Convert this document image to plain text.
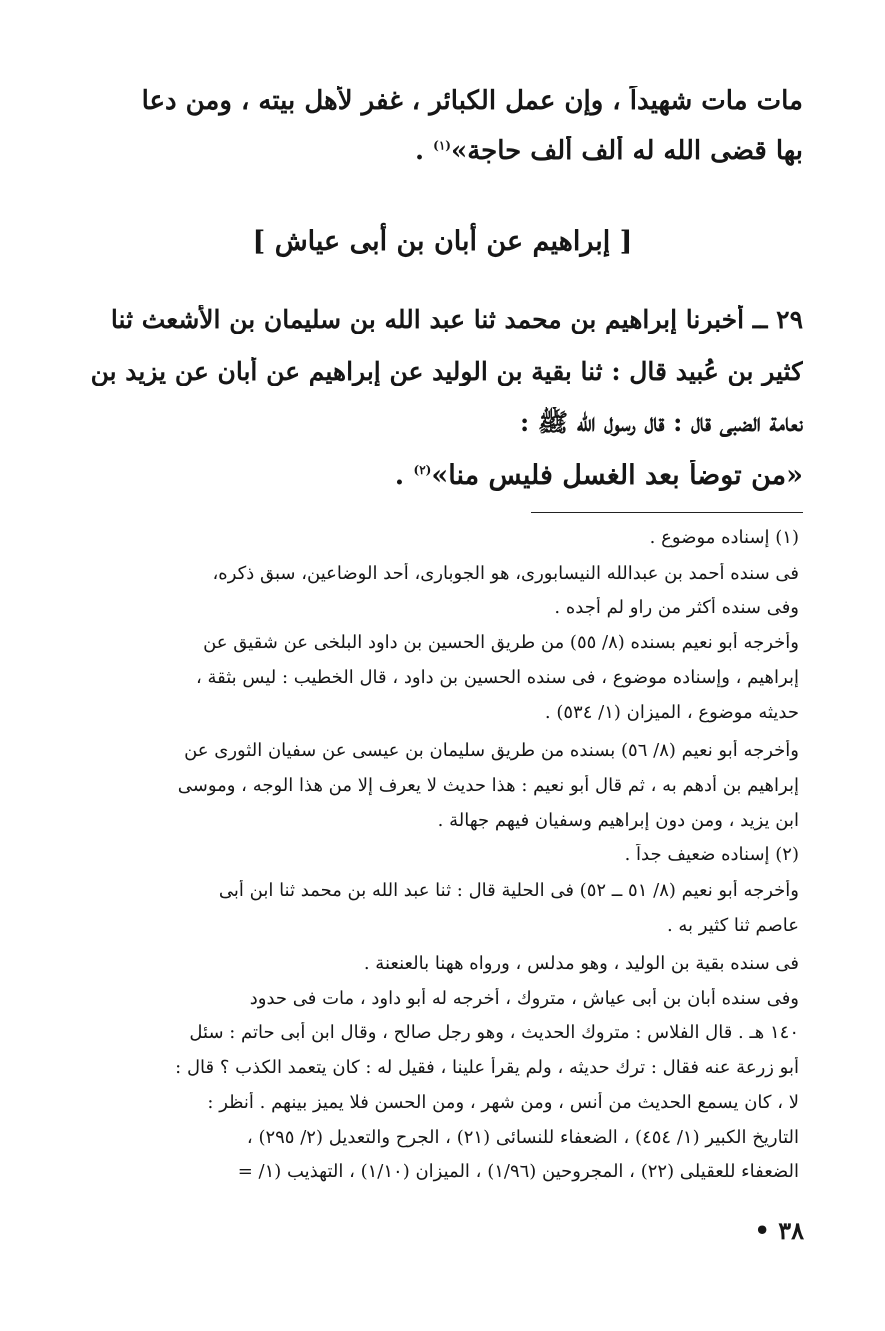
مات مات شهيداً ، وإن عمل الكبائر ، غفر لأهل بيته ، ومن دعا
بها قضى الله له ألف ألف حاجة»$^{(١)}$ .
[ إبراهيم عن أبان بن أبى عياش ]
٢٩ ــ أخبرنا إبراهيم بن محمد ثنا عبد الله بن سليمان بن الأشعث ثنا
كثير بن عُبيد قال : ثنا بقية بن الوليد عن إبراهيم عن أبان عن يزيد بن
نعامة الضبى قال : قال رسول الله ﷺ :
«من توضأ بعد الغسل فليس منا»$^{(٢)}$ .
(١) إسناده موضوع .
فى سنده أحمد بن عبدالله النيسابورى، هو الجوبارى، أحد الوضاعين، سبق ذكره،
وفى سنده أكثر من راو لم أجده .
وأخرجه أبو نعيم بسنده (٨/ ٥٥) من طريق الحسين بن داود البلخى عن شقيق عن
إبراهيم ، وإسناده موضوع ، فى سنده الحسين بن داود ، قال الخطيب : ليس بثقة ،
حديثه موضوع ، الميزان (١/ ٥٣٤) .
وأخرجه أبو نعيم (٨/ ٥٦) بسنده من طريق سليمان بن عيسى عن سفيان الثورى عن
إبراهيم بن أدهم به ، ثم قال أبو نعيم : هذا حديث لا يعرف إلا من هذا الوجه ، وموسى
ابن يزيد ، ومن دون إبراهيم وسفيان فيهم جهالة .
(٢) إسناده ضعيف جداً .
وأخرجه أبو نعيم (٨/ ٥١ ــ ٥٢) فى الحلية قال : ثنا عبد الله بن محمد ثنا ابن أبى
عاصم ثنا كثير به .
فى سنده بقية بن الوليد ، وهو مدلس ، ورواه ههنا بالعنعنة .
وفى سنده أبان بن أبى عياش ، متروك ، أخرجه له أبو داود ، مات فى حدود
١٤٠ هـ . قال الفلاس : متروك الحديث ، وهو رجل صالح ، وقال ابن أبى حاتم : سئل
أبو زرعة عنه فقال : ترك حديثه ، ولم يقرأ علينا ، فقيل له : كان يتعمد الكذب ؟ قال :
لا ، كان يسمع الحديث من أنس ، ومن شهر ، ومن الحسن فلا يميز بينهم . أنظر :
التاريخ الكبير (١/ ٤٥٤) ، الضعفاء للنسائى (٢١) ، الجرح والتعديل (٢/ ٢٩٥) ،
الضعفاء للعقيلى (٢٢) ، المجروحين (١/٩٦) ، الميزان (١/١٠) ، التهذيب (١/ =
٣٨ •
